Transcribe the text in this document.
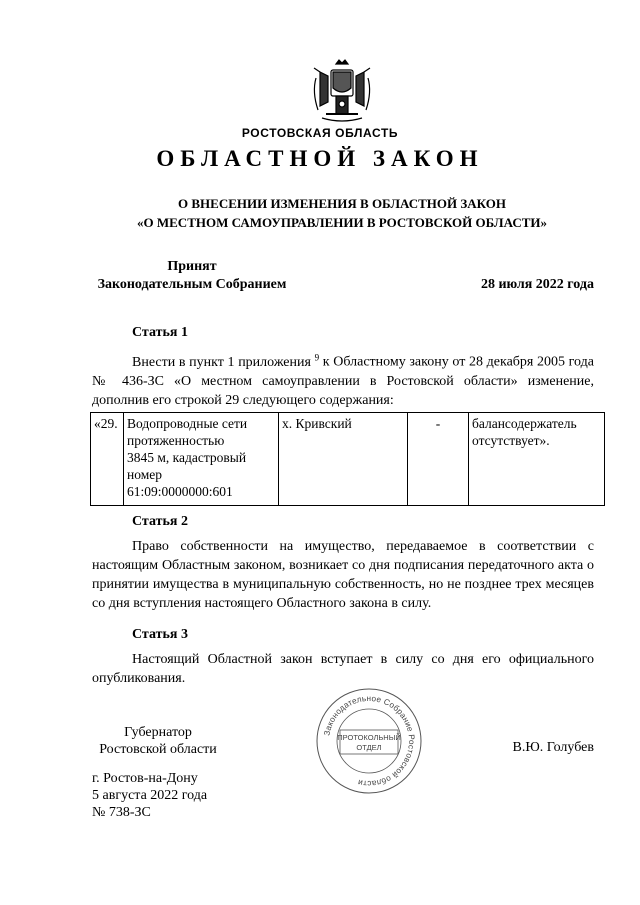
РОСТОВСКАЯ ОБЛАСТЬ
ОБЛАСТНОЙ ЗАКОН
О ВНЕСЕНИИ ИЗМЕНЕНИЯ В ОБЛАСТНОЙ ЗАКОН
«О МЕСТНОМ САМОУПРАВЛЕНИИ В РОСТОВСКОЙ ОБЛАСТИ»
Принят
Законодательным Собранием	28 июля 2022 года
Статья 1
Внести в пункт 1 приложения $^9$ к Областному закону от 28 декабря 2005 года № 436-ЗС «О местном самоуправлении в Ростовской области» изменение, дополнив его строкой 29 следующего содержания:
«29.	Водопроводные сети
протяженностью
3845 м, кадастровый
номер
61:09:0000000:601
	х. Кривский	-	балансодержатель
отсутствует».
Статья 2
Право собственности на имущество, передаваемое в соответствии с настоящим Областным законом, возникает со дня подписания передаточного акта о принятии имущества в муниципальную собственность, но не позднее трех месяцев со дня вступления настоящего Областного закона в силу.
Статья 3
Настоящий Областной закон вступает в силу со дня его официального опубликования.
Губернатор
Ростовской области	В.Ю. Голубев
Законодательное Собрание Ростовской области
ПРОТОКОЛЬНЫЙ
ОТДЕЛ
г. Ростов-на-Дону
5 августа 2022 года
№ 738-ЗС
